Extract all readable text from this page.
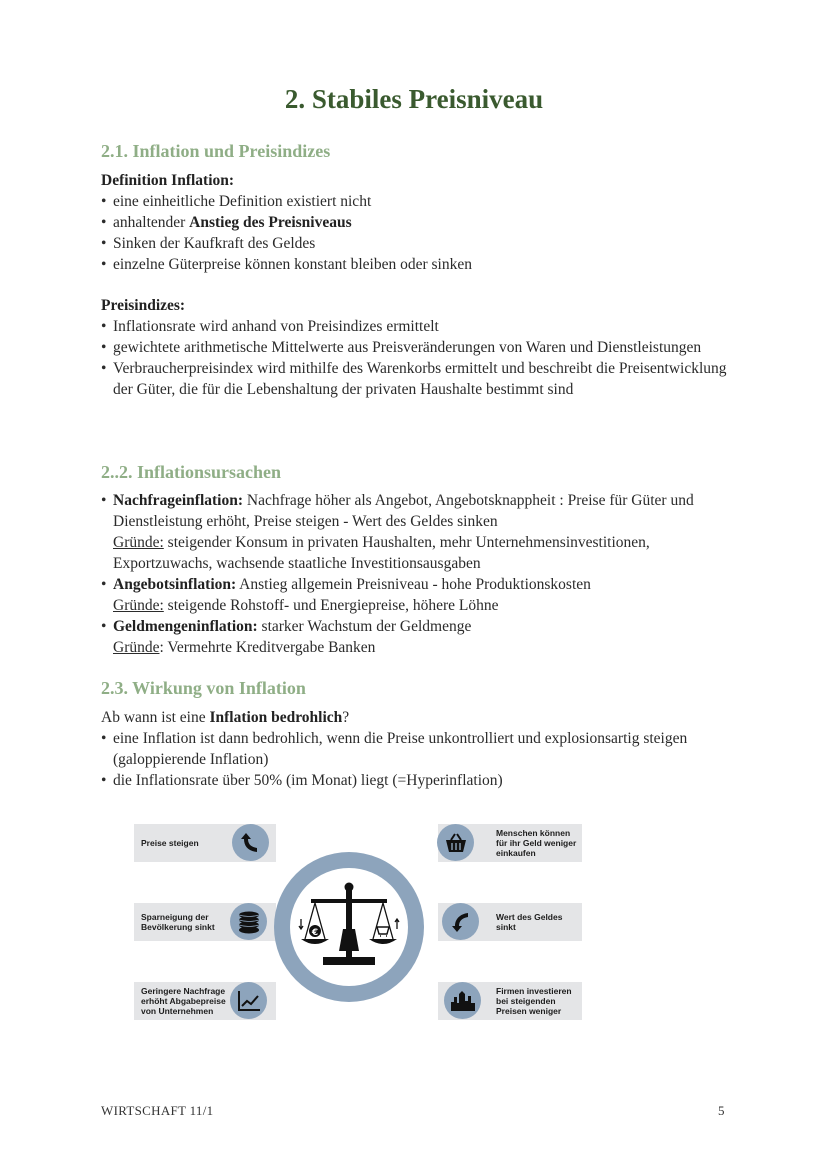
2. Stabiles Preisniveau
2.1. Inflation und Preisindizes

Definition Inflation:

• eine einheitliche Definition existiert nicht
• anhaltender Anstieg des Preisniveaus
• Sinken der Kaufkraft des Geldes
• einzelne Güterpreise können konstant bleiben oder sinken

Preisindizes:

• Inflationsrate wird anhand von Preisindizes ermittelt
• gewichtete arithmetische Mittelwerte aus Preisveränderungen von Waren und Dienstleistungen
• Verbraucherpreisindex wird mithilfe des Warenkorbs ermittelt und beschreibt die Preisentwicklung der Güter, die für die Lebenshaltung der privaten Haushalte bestimmt sind
2..2. Inflationsursachen
• Nachfrageinflation: Nachfrage höher als Angebot, Angebotsknappheit : Preise für Güter und Dienstleistung erhöht, Preise steigen - Wert des Geldes sinken
Gründe: steigender Konsum in privaten Haushalten, mehr Unternehmensinvestitionen, Exportzuwachs, wachsende staatliche Investitionsausgaben
• Angebotsinflation: Anstieg allgemein Preisniveau - hohe Produktionskosten
Gründe: steigende Rohstoff- und Energiepreise, höhere Löhne
• Geldmengeninflation: starker Wachstum der Geldmenge
Gründe: Vermehrte Kreditvergabe Banken
2.3. Wirkung von Inflation

Ab wann ist eine Inflation bedrohlich?

• eine Inflation ist dann bedrohlich, wenn die Preise unkontrolliert und explosionsartig steigen (galoppierende Inflation)
• die Inflationsrate über 50% (im Monat) liegt (=Hyperinflation)
Preise steigen
Sparneigung der Bevölkerung sinkt
Geringere Nachfrage erhöht Abgabepreise von Unternehmen
Menschen können für ihr Geld weniger einkaufen
Wert des Geldes sinkt
Firmen investieren bei steigenden Preisen weniger
€
WIRTSCHAFT 11/1	5
